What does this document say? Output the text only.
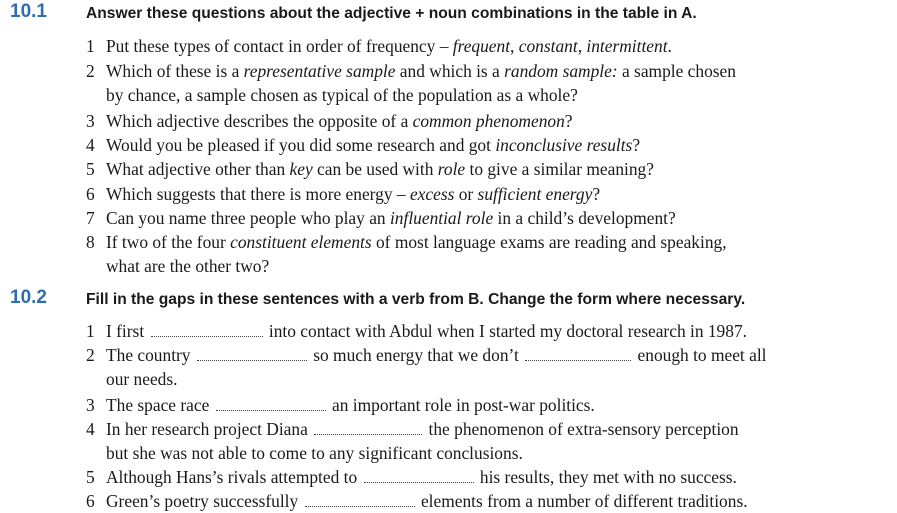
10.1	Answer these questions about the adjective + noun combinations in the table in A.
1 Put these types of contact in order of frequency – frequent, constant, intermittent.
2 Which of these is a representative sample and which is a random sample: a sample chosen
by chance, a sample chosen as typical of the population as a whole?
3 Which adjective describes the opposite of a common phenomenon?
4 Would you be pleased if you did some research and got inconclusive results?
5 What adjective other than key can be used with role to give a similar meaning?
6 Which suggests that there is more energy – excess or sufficient energy?
7 Can you name three people who play an influential role in a child’s development?
8 If two of the four constituent elements of most language exams are reading and speaking,
what are the other two?
10.2	Fill in the gaps in these sentences with a verb from B. Change the form where necessary.
1 I first	into contact with Abdul when I started my doctoral research in 1987.
2 The country	so much energy that we don’t	enough to meet all
our needs.
3 The space race	an important role in post-war politics.
4 In her research project Diana	the phenomenon of extra-sensory perception
but she was not able to come to any significant conclusions.
5 Although Hans’s rivals attempted to	his results, they met with no success.
6 Green’s poetry successfully	elements from a number of different traditions.
